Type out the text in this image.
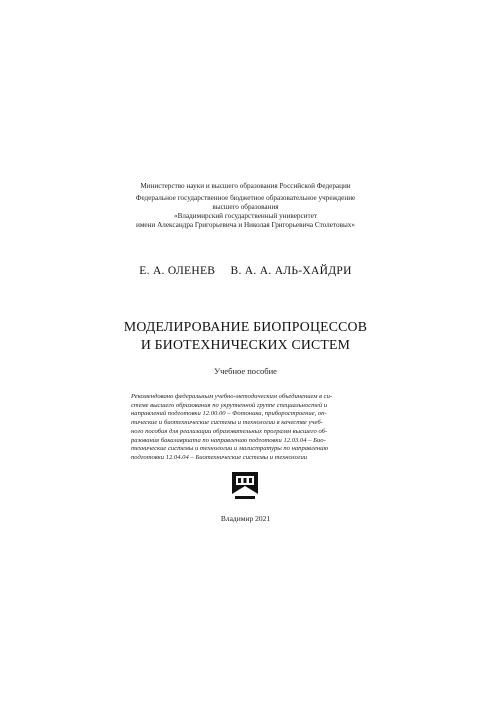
Министерство науки и высшего образования Российской Федерации
Федеральное государственное бюджетное образовательное учреждение
высшего образования
«Владимирский государственный университет
имени Александра Григорьевича и Николая Григорьевича Столетовых»
Е. А. ОЛЕНЕВ В. А. А. АЛЬ-ХАЙДРИ
МОДЕЛИРОВАНИЕ БИОПРОЦЕССОВ
И БИОТЕХНИЧЕСКИХ СИСТЕМ
Учебное пособие
Рекомендовано федеральным учебно-методическим объединением в си-
стеме высшего образования по укрупненной группе специальностей и
направлений подготовки 12.00.00 – Фотоника, приборостроение, оп-
тические и биотехнические системы и технологии в качестве учеб-
ного пособия для реализации образовательных программ высшего об-
разования бакалавриата по направлению подготовки 12.03.04 – Био-
технические системы и технологии и магистратуры по направлению
подготовки 12.04.04 – Биотехнические системы и технологии
Владимир 2021
